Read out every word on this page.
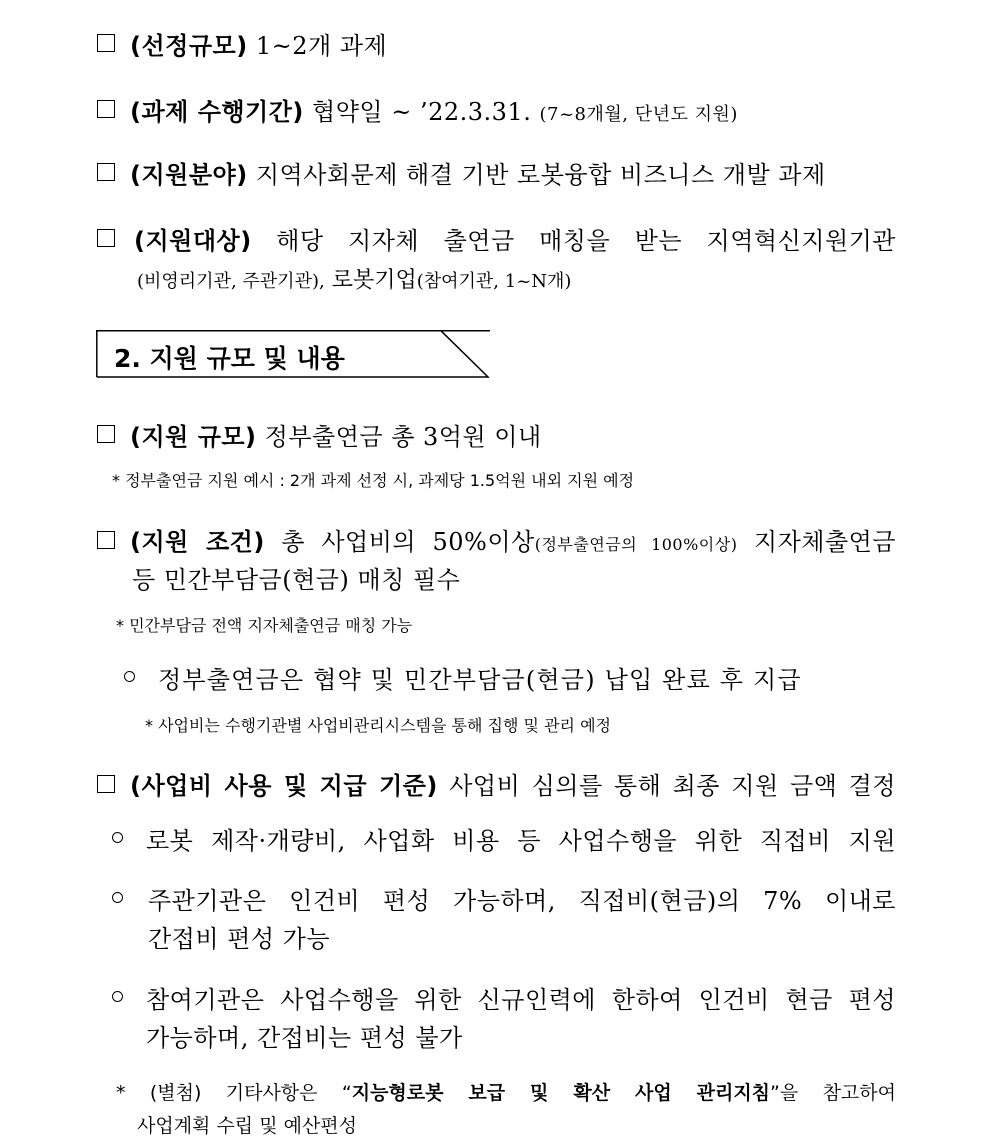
(선정규모) 1~2개 과제
(과제 수행기간) 협약일 ~ ’22.3.31. (7~8개월, 단년도 지원)
(지원분야) 지역사회문제 해결 기반 로봇융합 비즈니스 개발 과제
(지원대상) 해당 지자체 출연금 매칭을 받는 지역혁신지원기관
(비영리기관, 주관기관), 로봇기업(참여기관, 1~N개)
2. 지원 규모 및 내용
(지원 규모) 정부출연금 총 3억원 이내
* 정부출연금 지원 예시 : 2개 과제 선정 시, 과제당 1.5억원 내외 지원 예정
(지원 조건) 총 사업비의 50%이상(정부출연금의 100%이상) 지자체출연금
등 민간부담금(현금) 매칭 필수
* 민간부담금 전액 지자체출연금 매칭 가능
정부출연금은 협약 및 민간부담금(현금) 납입 완료 후 지급
* 사업비는 수행기관별 사업비관리시스템을 통해 집행 및 관리 예정
(사업비 사용 및 지급 기준) 사업비 심의를 통해 최종 지원 금액 결정
로봇 제작·개량비, 사업화 비용 등 사업수행을 위한 직접비 지원
주관기관은 인건비 편성 가능하며, 직접비(현금)의 7% 이내로
간접비 편성 가능
참여기관은 사업수행을 위한 신규인력에 한하여 인건비 현금 편성
가능하며, 간접비는 편성 불가
* (별첨) 기타사항은 “지능형로봇 보급 및 확산 사업 관리지침”을 참고하여
사업계획 수립 및 예산편성
